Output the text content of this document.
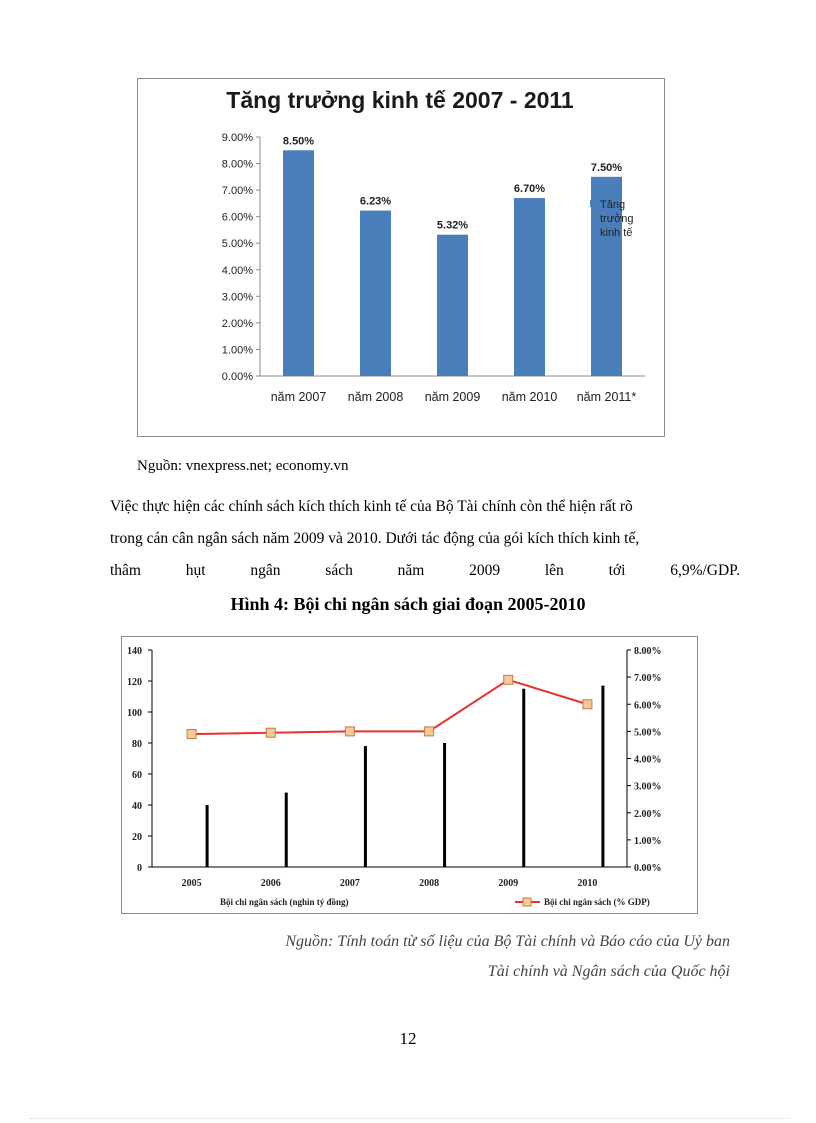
Tăng trưởng kinh tế 2007 - 2011
0.00%
1.00%
2.00%
3.00%
4.00%
5.00%
6.00%
7.00%
8.00%
9.00%
năm 2007 năm 2008 năm 2009 năm 2010 năm 2011*
8.50%
6.23%
5.32%
6.70%
7.50%
Tăng
trưởng
kinh tế
Nguồn: vnexpress.net; economy.vn
Việc thực hiện các chính sách kích thích kinh tế của Bộ Tài chính còn thể hiện rất rõ
trong cán cân ngân sách năm 2009 và 2010. Dưới tác động của gói kích thích kinh tế,
thâm	hụt	ngân	sách	năm	2009	lên	tới	6,9%/GDP.
Hình 4: Bội chi ngân sách giai đoạn 2005-2010
0
20
40
60
80
100
120
140
0.00%
1.00%
2.00%
3.00%
4.00%
5.00%
6.00%
7.00%
8.00%
2005	2006	2007	2008	2009	2010
Bội chi ngân sách (nghìn tỷ đồng)	Bội chi ngân sách (% GDP)
Nguồn: Tính toán từ số liệu của Bộ Tài chính và Báo cáo của Uỷ ban
Tài chính và Ngân sách của Quốc hội
12
